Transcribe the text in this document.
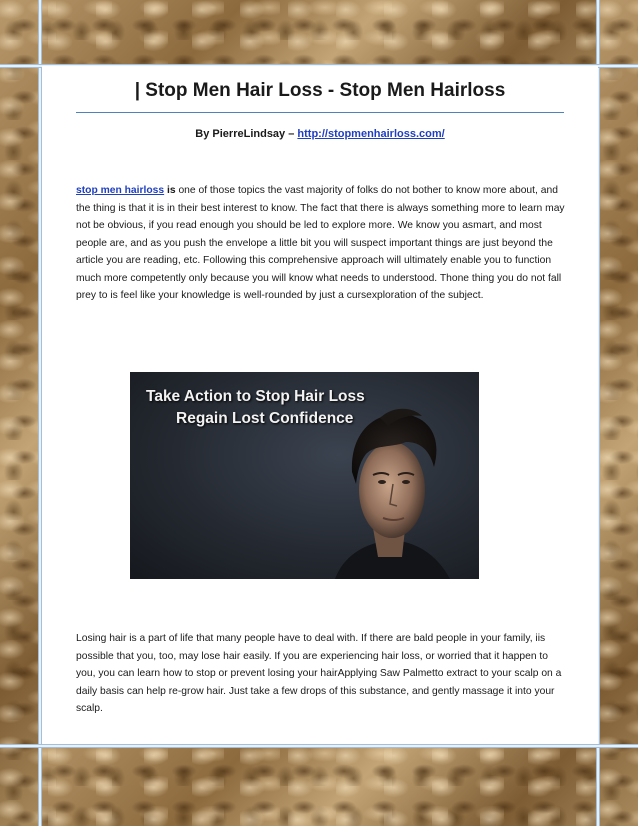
| Stop Men Hair Loss - Stop Men Hairloss
By PierreLindsay – http://stopmenhairloss.com/
stop men hairloss is one of those topics the vast majority of folks do not bother to know more about, and the thing is that it is in their best interest to know. The fact that there is always something more to learn may not be obvious, if you read enough you should be led to explore more. We know you asmart, and most people are, and as you push the envelope a little bit you will suspect important things are just beyond the article you are reading, etc. Following this comprehensive approach will ultimately enable you to function much more competently only because you will know what needs to understood. Thone thing you do not fall prey to is feel like your knowledge is well-rounded by just a cursexploration of the subject.
Take Action to Stop Hair Loss
Regain Lost Confidence
Losing hair is a part of life that many people have to deal with. If there are bald people in your family, iis possible that you, too, may lose hair easily. If you are experiencing hair loss, or worried that it happen to you, you can learn how to stop or prevent losing your hairApplying Saw Palmetto extract to your scalp on a daily basis can help re-grow hair. Just take a few drops of this substance, and gently massage it into your scalp.
